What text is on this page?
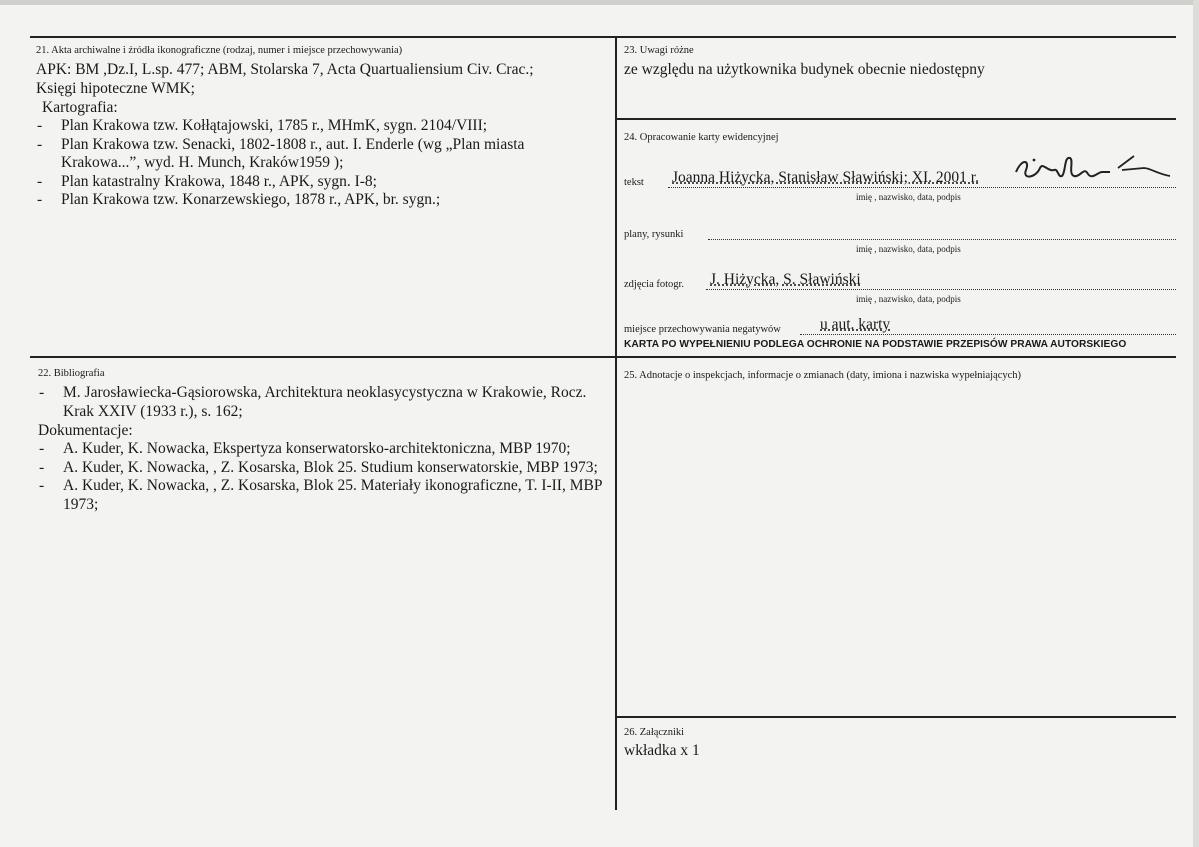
21. Akta archiwalne i źródła ikonograficzne (rodzaj, numer i miejsce przechowywania)
APK: BM ,Dz.I, L.sp. 477; ABM, Stolarska 7, Acta Quartualiensium Civ. Crac.;
Księgi hipoteczne WMK;
Kartografia:
- Plan Krakowa tzw. Kołłątajowski, 1785 r., MHmK, sygn. 2104/VIII;
- Plan Krakowa tzw. Senacki, 1802-1808 r., aut. I. Enderle (wg „Plan miasta Krakowa...”, wyd. H. Munch, Kraków1959 );
- Plan katastralny Krakowa, 1848 r., APK, sygn. I-8;
- Plan Krakowa tzw. Konarzewskiego, 1878 r., APK, br. sygn.;
22. Bibliografia
- M. Jarosławiecka-Gąsiorowska, Architektura neoklasycystyczna w Krakowie, Rocz. Krak XXIV (1933 r.), s. 162;
Dokumentacje:
- A. Kuder, K. Nowacka, Ekspertyza konserwatorsko-architektoniczna, MBP 1970;
- A. Kuder, K. Nowacka, , Z. Kosarska, Blok 25. Studium konserwatorskie, MBP 1973;
- A. Kuder, K. Nowacka, , Z. Kosarska, Blok 25. Materiały ikonograficzne, T. I-II, MBP 1973;
23. Uwagi różne
ze względu na użytkownika budynek obecnie niedostępny
24. Opracowanie karty ewidencyjnej
tekst Joanna Hiżycka, Stanisław Sławiński; XI. 2001 r.
imię , nazwisko, data, podpis
plany, rysunki
imię , nazwisko, data, podpis
zdjęcia fotogr. J. Hiżycka, S. Sławiński
imię , nazwisko, data, podpis
miejsce przechowywania negatywów	u aut. karty
KARTA PO WYPEŁNIENIU PODLEGA OCHRONIE NA PODSTAWIE PRZEPISÓW PRAWA AUTORSKIEGO
25. Adnotacje o inspekcjach, informacje o zmianach (daty, imiona i nazwiska wypełniających)
26. Załączniki
wkładka x 1
